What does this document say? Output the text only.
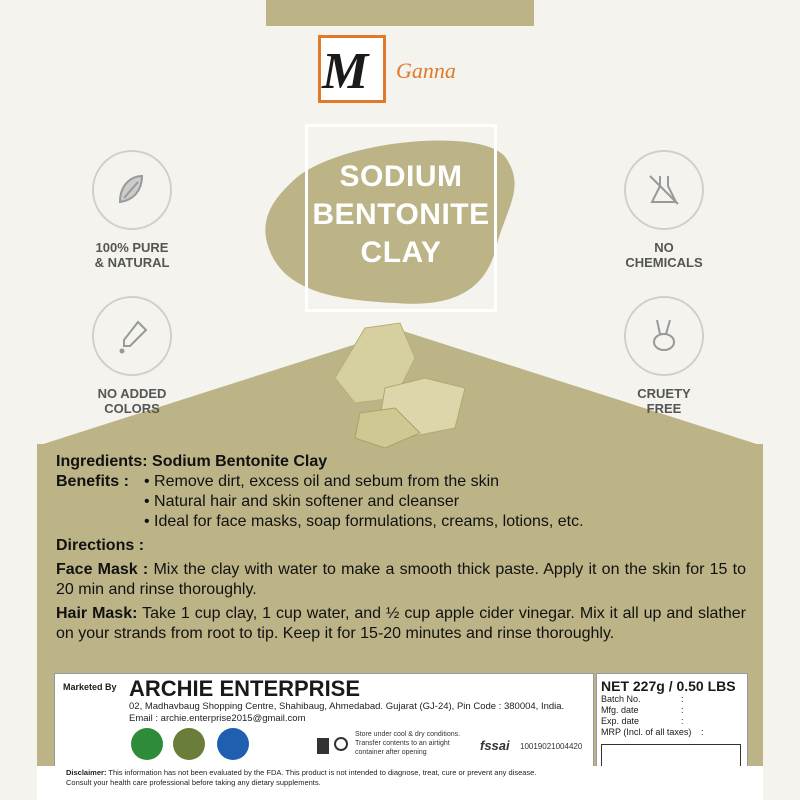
M Ganna
SODIUM
BENTONITE
CLAY
100% PURE
& NATURAL
NO ADDED
COLORS
NO
CHEMICALS
CRUETY
FREE
Ingredients: Sodium Bentonite Clay
Benefits :
•	Remove dirt, excess oil and sebum from the skin
• Natural hair and skin softener and cleanser
• Ideal for face masks, soap formulations, creams, lotions, etc.
Directions :
Face Mask : Mix the clay with water to make a smooth thick paste. Apply it on the skin for 15 to 20 min and rinse thoroughly.
Hair Mask: Take 1 cup clay, 1 cup water, and ½ cup apple cider vinegar. Mix it all up and slather on your strands from root to tip. Keep it for 15-20 minutes and rinse thoroughly.
Marketed By ARCHIE ENTERPRISE
02, Madhavbaug Shopping Centre, Shahibaug, Ahmedabad. Gujarat (GJ-24), Pin Code : 380004, India.
Email : archie.enterprise2015@gmail.com
Store under cool & dry conditions. Transfer contents to an airtight container after opening	fssai 10019021004420
NET 227g / 0.50 LBS
Batch No.	:
Mfg. date	:
Exp. date	:
MRP (Incl. of all taxes)	:
Disclaimer: This information has not been evaluated by the FDA. This product is not intended to diagnose, treat, cure or prevent any disease.
Consult your health care professional before taking any dietary supplements.
